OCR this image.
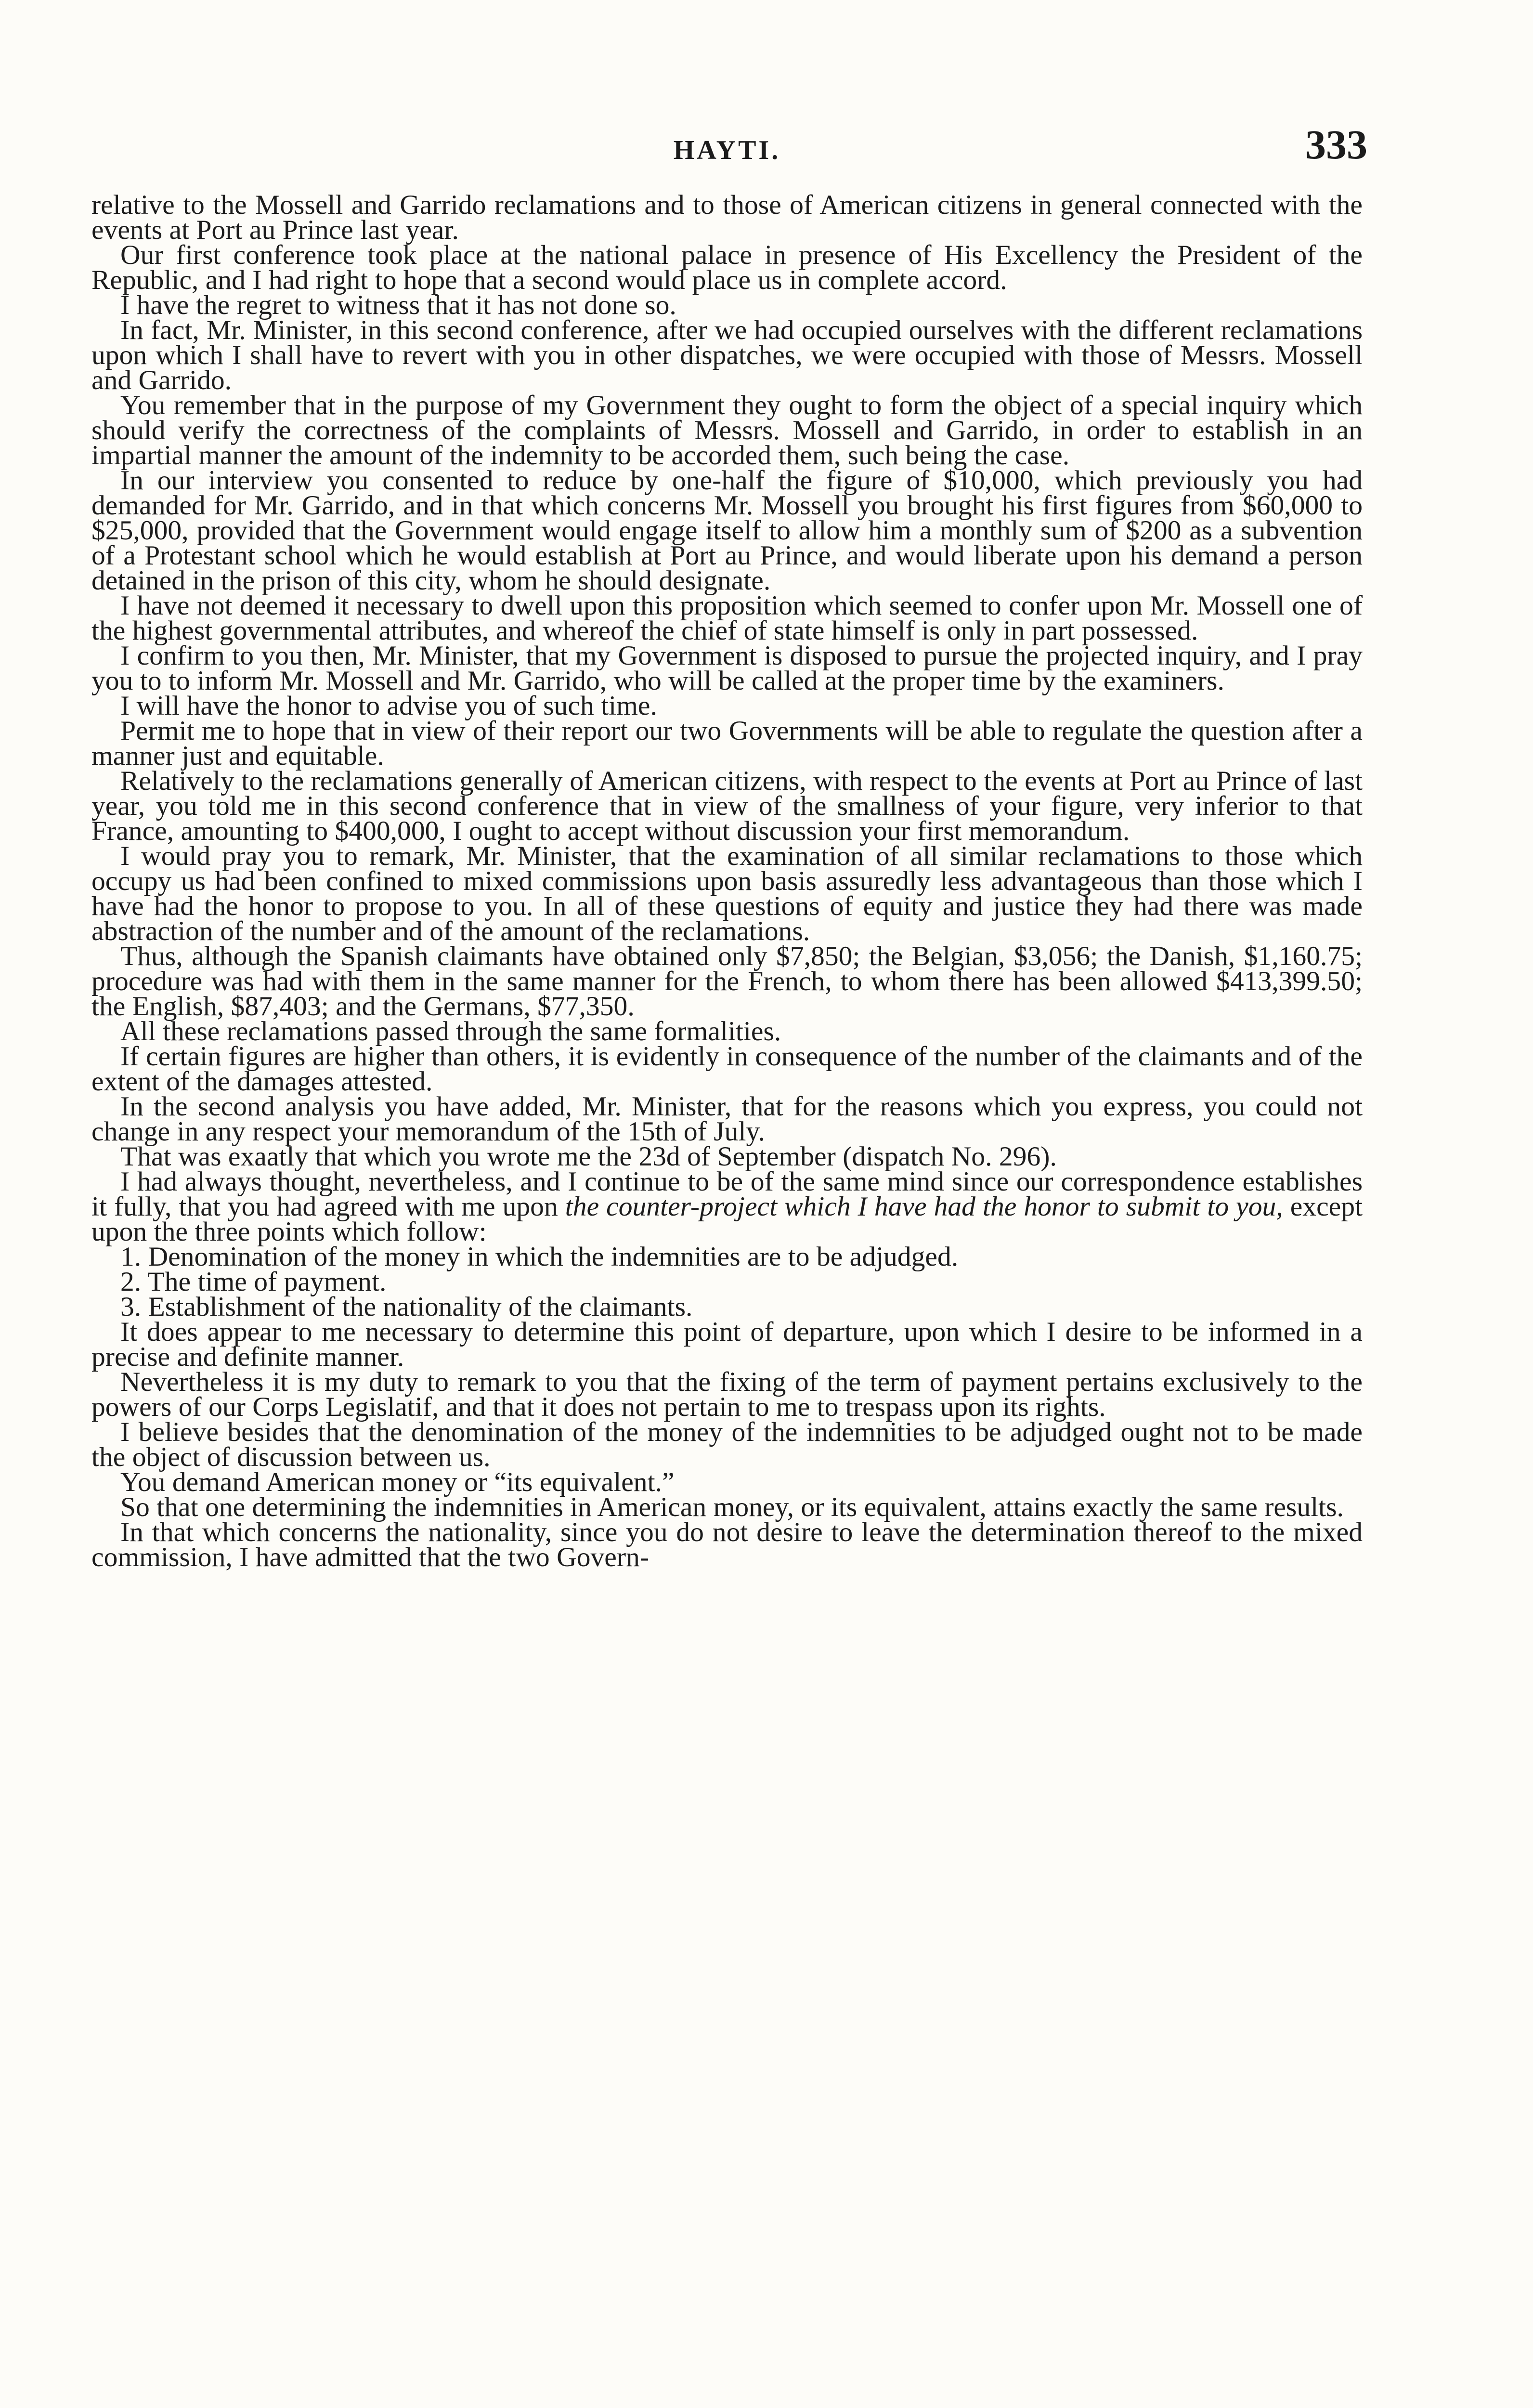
HAYTI.	333

relative to the Mossell and Garrido reclamations and to those of American citizens in general connected with the events at Port au Prince last year.

Our first conference took place at the national palace in presence of His Excellency the President of the Republic, and I had right to hope that a second would place us in complete accord.

I have the regret to witness that it has not done so.

In fact, Mr. Minister, in this second conference, after we had occupied ourselves with the different reclamations upon which I shall have to revert with you in other dispatches, we were occupied with those of Messrs. Mossell and Garrido.

You remember that in the purpose of my Government they ought to form the object of a special inquiry which should verify the correctness of the complaints of Messrs. Mossell and Garrido, in order to establish in an impartial manner the amount of the indemnity to be accorded them, such being the case.

In our interview you consented to reduce by one-half the figure of $10,000, which previously you had demanded for Mr. Garrido, and in that which concerns Mr. Mossell you brought his first figures from $60,000 to $25,000, provided that the Government would engage itself to allow him a monthly sum of $200 as a subvention of a Protestant school which he would establish at Port au Prince, and would liberate upon his demand a person detained in the prison of this city, whom he should designate.

I have not deemed it necessary to dwell upon this proposition which seemed to confer upon Mr. Mossell one of the highest governmental attributes, and whereof the chief of state himself is only in part possessed.

I confirm to you then, Mr. Minister, that my Government is disposed to pursue the projected inquiry, and I pray you to to inform Mr. Mossell and Mr. Garrido, who will be called at the proper time by the examiners.

I will have the honor to advise you of such time.

Permit me to hope that in view of their report our two Governments will be able to regulate the question after a manner just and equitable.

Relatively to the reclamations generally of American citizens, with respect to the events at Port au Prince of last year, you told me in this second conference that in view of the smallness of your figure, very inferior to that France, amounting to $400,000, I ought to accept without discussion your first memorandum.

I would pray you to remark, Mr. Minister, that the examination of all similar reclamations to those which occupy us had been confined to mixed commissions upon basis assuredly less advantageous than those which I have had the honor to propose to you. In all of these questions of equity and justice they had there was made abstraction of the number and of the amount of the reclamations.

Thus, although the Spanish claimants have obtained only $7,850; the Belgian, $3,056; the Danish, $1,160.75; procedure was had with them in the same manner for the French, to whom there has been allowed $413,399.50; the English, $87,403; and the Germans, $77,350.

All these reclamations passed through the same formalities.

If certain figures are higher than others, it is evidently in consequence of the number of the claimants and of the extent of the damages attested.

In the second analysis you have added, Mr. Minister, that for the reasons which you express, you could not change in any respect your memorandum of the 15th of July.

That was exaatly that which you wrote me the 23d of September (dispatch No. 296).

I had always thought, nevertheless, and I continue to be of the same mind since our correspondence establishes it fully, that you had agreed with me upon the counter-project which I have had the honor to submit to you, except upon the three points which follow:

1. Denomination of the money in which the indemnities are to be adjudged.

2. The time of payment.

3. Establishment of the nationality of the claimants.

It does appear to me necessary to determine this point of departure, upon which I desire to be informed in a precise and definite manner.

Nevertheless it is my duty to remark to you that the fixing of the term of payment pertains exclusively to the powers of our Corps Legislatif, and that it does not pertain to me to trespass upon its rights.

I believe besides that the denomination of the money of the indemnities to be adjudged ought not to be made the object of discussion between us.

You demand American money or “its equivalent.”

So that one determining the indemnities in American money, or its equivalent, attains exactly the same results.

In that which concerns the nationality, since you do not desire to leave the determination thereof to the mixed commission, I have admitted that the two Govern-
